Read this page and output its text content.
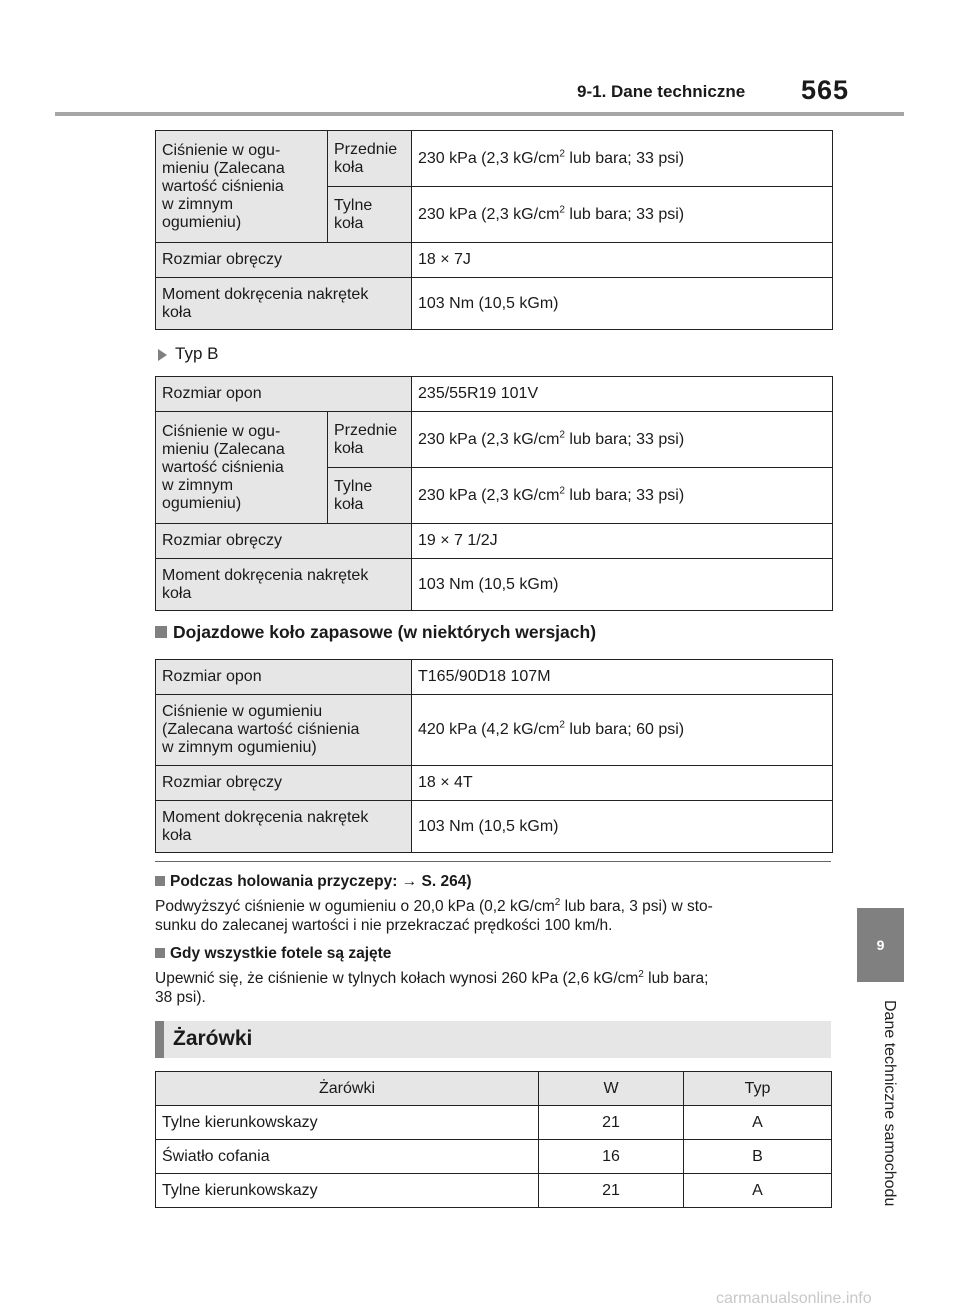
9-1. Dane techniczne 565
9
Dane techniczne samochodu
Ciśnienie w ogu-
mieniu (Zalecana
wartość ciśnienia
w zimnym
ogumieniu)	Przednie
koła	230 kPa (2,3 $kG/cm^2$ lub bara; 33 psi)

	Tylne
koła	230 kPa (2,3 $kG/cm^2$ lub bara; 33 psi)
Rozmiar obręczy		18 × 7J

Moment dokręcenia nakrętek
koła		103 Nm (10,5 kGm)
Typ B
Rozmiar opon		235/55R19 101V

Ciśnienie w ogu-
mieniu (Zalecana
wartość ciśnienia
w zimnym
ogumieniu)	Przednie
koła	230 kPa (2,3 $kG/cm^2$ lub bara; 33 psi)

	Tylne
koła	230 kPa (2,3 $kG/cm^2$ lub bara; 33 psi)
Rozmiar obręczy		19 × 7 1/2J

Moment dokręcenia nakrętek
koła		103 Nm (10,5 kGm)
Dojazdowe koło zapasowe (w niektórych wersjach)
Rozmiar opon	T165/90D18 107M

Ciśnienie w ogumieniu
(Zalecana wartość ciśnienia
w zimnym ogumieniu)	420 kPa (4,2 $kG/cm^2$ lub bara; 60 psi)
Rozmiar obręczy	18 × 4T

Moment dokręcenia nakrętek
koła	103 Nm (10,5 kGm)
Podczas holowania przyczepy: → S. 264)
Podwyższyć ciśnienie w ogumieniu o 20,0 kPa (0,2 $kG/cm^2$ lub bara, 3 psi) w sto-
sunku do zalecanej wartości i nie przekraczać prędkości 100 km/h.
Gdy wszystkie fotele są zajęte
Upewnić się, że ciśnienie w tylnych kołach wynosi 260 kPa (2,6 $kG/cm^2$ lub bara;
38 psi).
Żarówki
Żarówki	W	Typ
Tylne kierunkowskazy	21	A
Światło cofania	16	B
Tylne kierunkowskazy	21	A
carmanualsonline.info
